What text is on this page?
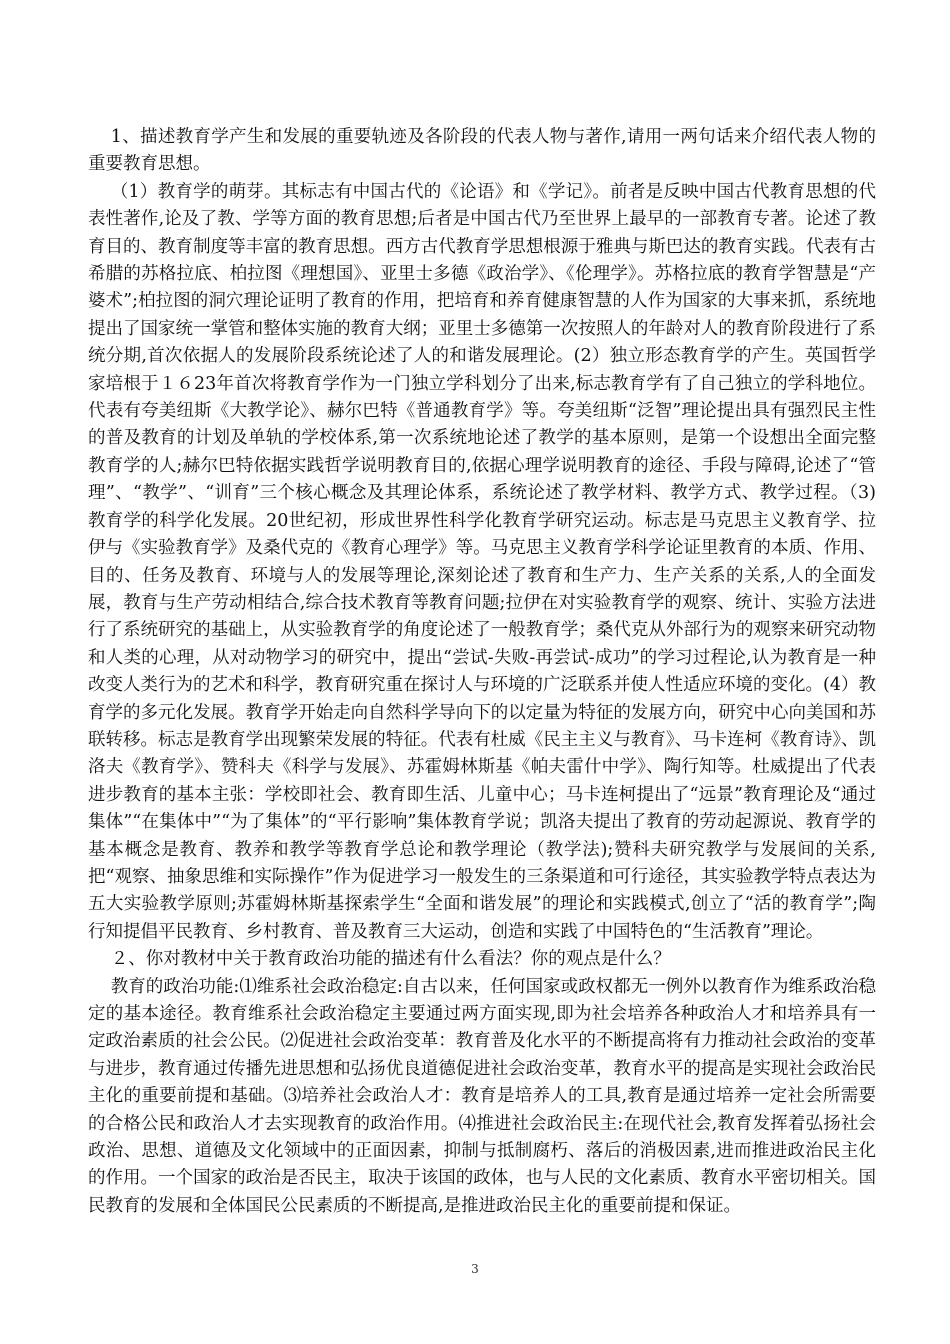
1、描述教育学产生和发展的重要轨迹及各阶段的代表人物与著作,请用一两句话来介绍代表人物的重要教育思想。

（1）教育学的萌芽。其标志有中国古代的《论语》和《学记》。前者是反映中国古代教育思想的代表性著作,论及了教、学等方面的教育思想;后者是中国古代乃至世界上最早的一部教育专著。论述了教育目的、教育制度等丰富的教育思想。西方古代教育学思想根源于雅典与斯巴达的教育实践。代表有古希腊的苏格拉底、柏拉图《理想国》、亚里士多德《政治学》、《伦理学》。苏格拉底的教育学智慧是“产婆术”;柏拉图的洞穴理论证明了教育的作用，把培育和养育健康智慧的人作为国家的大事来抓，系统地提出了国家统一掌管和整体实施的教育大纲；亚里士多德第一次按照人的年龄对人的教育阶段进行了系统分期,首次依据人的发展阶段系统论述了人的和谐发展理论。(2）独立形态教育学的产生。英国哲学家培根于１６23年首次将教育学作为一门独立学科划分了出来,标志教育学有了自己独立的学科地位。代表有夸美纽斯《大教学论》、赫尔巴特《普通教育学》等。夸美纽斯“泛智”理论提出具有强烈民主性的普及教育的计划及单轨的学校体系,第一次系统地论述了教学的基本原则，是第一个设想出全面完整教育学的人;赫尔巴特依据实践哲学说明教育目的,依据心理学说明教育的途径、手段与障碍,论述了“管理”、“教学”、“训育”三个核心概念及其理论体系，系统论述了教学材料、教学方式、教学过程。（3)教育学的科学化发展。20世纪初，形成世界性科学化教育学研究运动。标志是马克思主义教育学、拉伊与《实验教育学》及桑代克的《教育心理学》等。马克思主义教育学科学论证里教育的本质、作用、目的、任务及教育、环境与人的发展等理论,深刻论述了教育和生产力、生产关系的关系,人的全面发展，教育与生产劳动相结合,综合技术教育等教育问题;拉伊在对实验教育学的观察、统计、实验方法进行了系统研究的基础上，从实验教育学的角度论述了一般教育学；桑代克从外部行为的观察来研究动物和人类的心理，从对动物学习的研究中，提出“尝试-失败-再尝试-成功”的学习过程论,认为教育是一种改变人类行为的艺术和科学，教育研究重在探讨人与环境的广泛联系并使人性适应环境的变化。(4）教育学的多元化发展。教育学开始走向自然科学导向下的以定量为特征的发展方向，研究中心向美国和苏联转移。标志是教育学出现繁荣发展的特征。代表有杜威《民主主义与教育》、马卡连柯《教育诗》、凯洛夫《教育学》、赞科夫《科学与发展》、苏霍姆林斯基《帕夫雷什中学》、陶行知等。杜威提出了代表进步教育的基本主张：学校即社会、教育即生活、儿童中心；马卡连柯提出了“远景”教育理论及“通过集体”“在集体中”“为了集体”的“平行影响”集体教育学说；凯洛夫提出了教育的劳动起源说、教育学的基本概念是教育、教养和教学等教育学总论和教学理论（教学法);赞科夫研究教学与发展间的关系,把“观察、抽象思维和实际操作”作为促进学习一般发生的三条渠道和可行途径，其实验教学特点表达为五大实验教学原则;苏霍姆林斯基探索学生“全面和谐发展”的理论和实践模式,创立了“活的教育学”;陶行知提倡平民教育、乡村教育、普及教育三大运动，创造和实践了中国特色的“生活教育”理论。

２、你对教材中关于教育政治功能的描述有什么看法？你的观点是什么？

教育的政治功能:⑴维系社会政治稳定:自古以来，任何国家或政权都无一例外以教育作为维系政治稳定的基本途径。教育维系社会政治稳定主要通过两方面实现,即为社会培养各种政治人才和培养具有一定政治素质的社会公民。⑵促进社会政治变革：教育普及化水平的不断提高将有力推动社会政治的变革与进步，教育通过传播先进思想和弘扬优良道德促进社会政治变革，教育水平的提高是实现社会政治民主化的重要前提和基础。⑶培养社会政治人才：教育是培养人的工具,教育是通过培养一定社会所需要的合格公民和政治人才去实现教育的政治作用。⑷推进社会政治民主:在现代社会,教育发挥着弘扬社会政治、思想、道德及文化领域中的正面因素，抑制与抵制腐朽、落后的消极因素,进而推进政治民主化的作用。一个国家的政治是否民主，取决于该国的政体，也与人民的文化素质、教育水平密切相关。国民教育的发展和全体国民公民素质的不断提高,是推进政治民主化的重要前提和保证。

3
